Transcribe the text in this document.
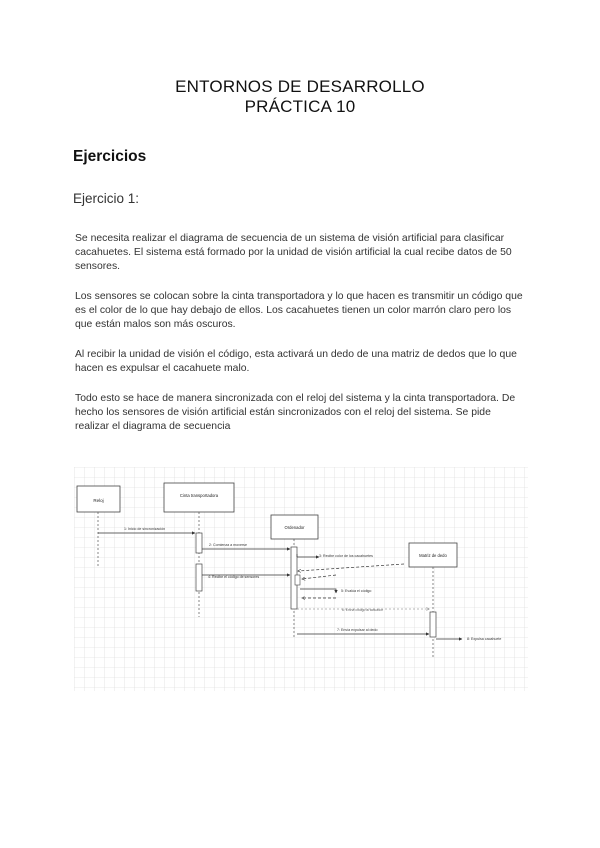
ENTORNOS DE DESARROLLO
PRÁCTICA 10
Ejercicios
Ejercicio 1:
Se necesita realizar el diagrama de secuencia de un sistema de visión artificial para clasificar cacahuetes. El sistema está formado por la unidad de visión artificial la cual recibe datos de 50 sensores.
Los sensores se colocan sobre la cinta transportadora y lo que hacen es transmitir un código que es el color de lo que hay debajo de ellos. Los cacahuetes tienen un color marrón claro pero los que están malos son más oscuros.
Al recibir la unidad de visión el código, esta activará un dedo de una matriz de dedos que lo que hacen es expulsar el cacahuete malo.
Todo esto se hace de manera sincronizada con el reloj del sistema y la cinta transportadora. De hecho los sensores de visión artificial están sincronizados con el reloj del sistema. Se pide realizar el diagrama de secuencia
Reloj
Cinta transportadora
Ordenador
Matriz de dedo
1: Inicio de sincronización
2: Comienza a moverse
3: Recibe color de los cacahuetes
4: Recibe el código de sensores
5: Evalúa el código
6: Envía código al actuador
7: Envía expulsar al dedo
8: Expulsa cacahuete
